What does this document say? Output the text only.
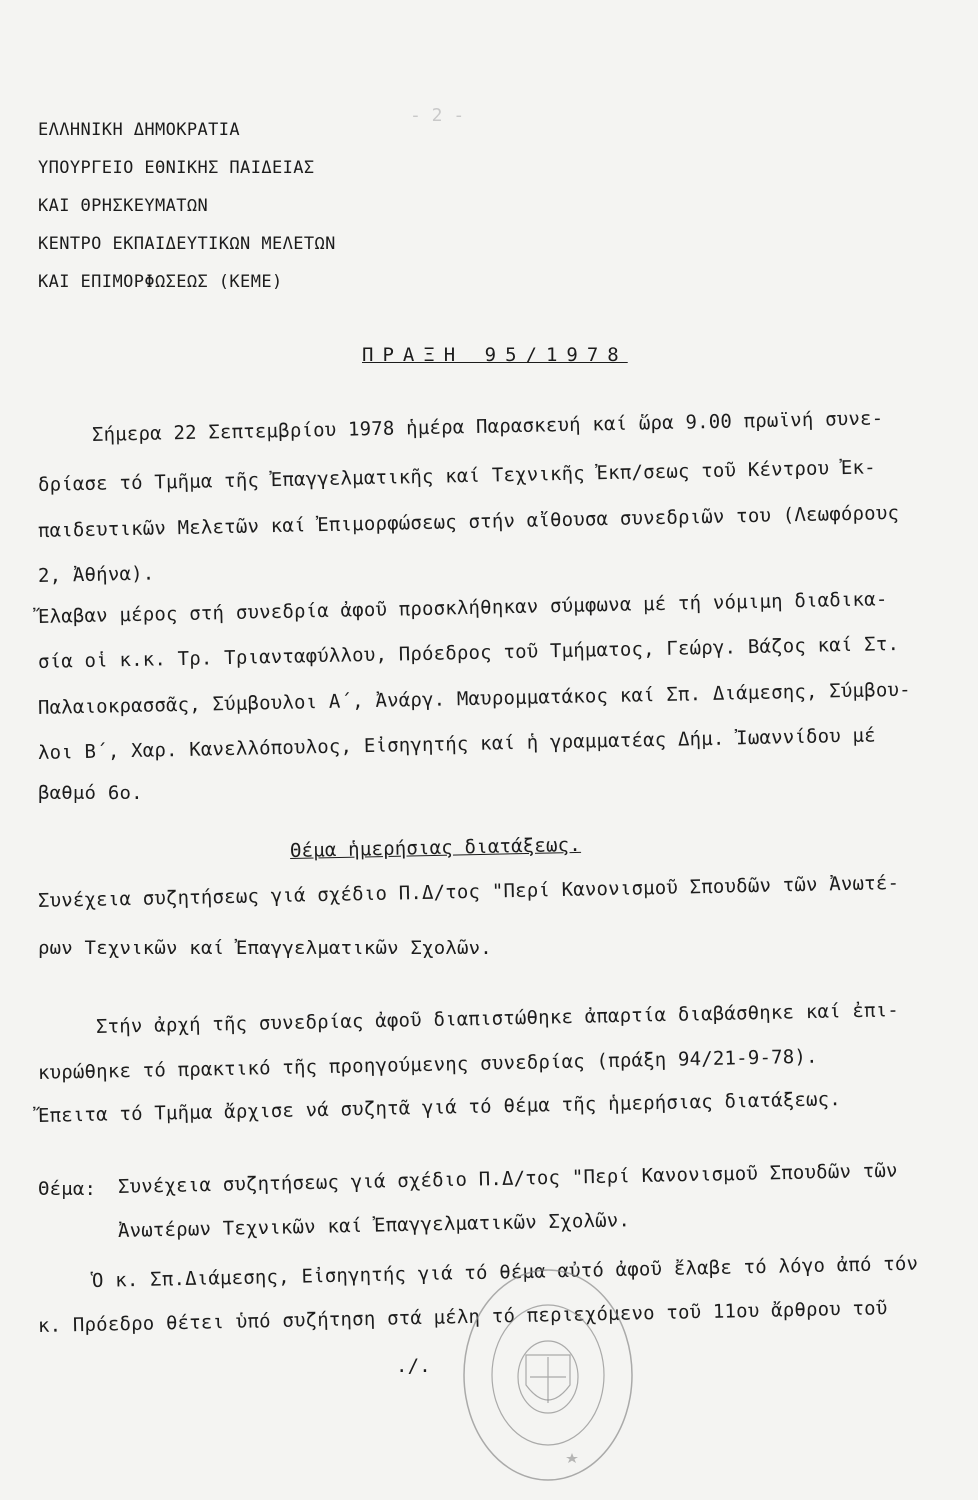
- 2 -

ΕΛΛΗΝΙΚΗ ΔΗΜΟΚΡΑΤΙΑ
ΥΠΟΥΡΓΕΙΟ ΕΘΝΙΚΗΣ ΠΑΙΔΕΙΑΣ
ΚΑΙ ΘΡΗΣΚΕΥΜΑΤΩΝ
ΚΕΝΤΡΟ ΕΚΠΑΙΔΕΥΤΙΚΩΝ ΜΕΛΕΤΩΝ
ΚΑΙ ΕΠΙΜΟΡΦΩΣΕΩΣ (ΚΕΜΕ)
ΠΡΑΞΗ 95/1978
Σήμερα 22 Σεπτεμβρίου 1978 ἡμέρα Παρασκευή καί ὥρα 9.00 πρωϊνή συνε-
δρίασε τό Τμῆμα τῆς Ἐπαγγελματικῆς καί Τεχνικῆς Ἐκπ/σεως τοῦ Κέντρου Ἐκ-
παιδευτικῶν Μελετῶν καί Ἐπιμορφώσεως στήν αἴθουσα συνεδριῶν του (Λεωφόρους
2, Ἀθήνα).
Ἔλαβαν μέρος στή συνεδρία ἀφοῦ προσκλήθηκαν σύμφωνα μέ τή νόμιμη διαδικα-
σία οἱ κ.κ. Τρ. Τριανταφύλλου, Πρόεδρος τοῦ Τμήματος, Γεώργ. Βάζος καί Στ.
Παλαιοκρασσᾶς, Σύμβουλοι Α΄, Ἀνάργ. Μαυρομματάκος καί Σπ. Διάμεσης, Σύμβου-
λοι Β΄, Χαρ. Κανελλόπουλος, Εἰσηγητής καί ἡ γραμματέας Δήμ. Ἰωαννίδου μέ
βαθμό 6ο.
Θέμα ἡμερήσιας διατάξεως.
Συνέχεια συζητήσεως γιά σχέδιο Π.Δ/τος "Περί Κανονισμοῦ Σπουδῶν τῶν Ἀνωτέ-
ρων Τεχνικῶν καί Ἐπαγγελματικῶν Σχολῶν.
Στήν ἀρχή τῆς συνεδρίας ἀφοῦ διαπιστώθηκε ἀπαρτία διαβάσθηκε καί ἐπι-
κυρώθηκε τό πρακτικό τῆς προηγούμενης συνεδρίας (πράξη 94/21-9-78).
Ἔπειτα τό Τμῆμα ἄρχισε νά συζητᾶ γιά τό θέμα τῆς ἡμερήσιας διατάξεως.
Θέμα: Συνέχεια συζητήσεως γιά σχέδιο Π.Δ/τος "Περί Κανονισμοῦ Σπουδῶν τῶν
Ἀνωτέρων Τεχνικῶν καί Ἐπαγγελματικῶν Σχολῶν.
Ὁ κ. Σπ.Διάμεσης, Εἰσηγητής γιά τό θέμα αὐτό ἀφοῦ ἔλαβε τό λόγο ἀπό τόν
κ. Πρόεδρο θέτει ὑπό συζήτηση στά μέλη τό περιεχόμενο τοῦ 11ου ἄρθρου τοῦ
./.
